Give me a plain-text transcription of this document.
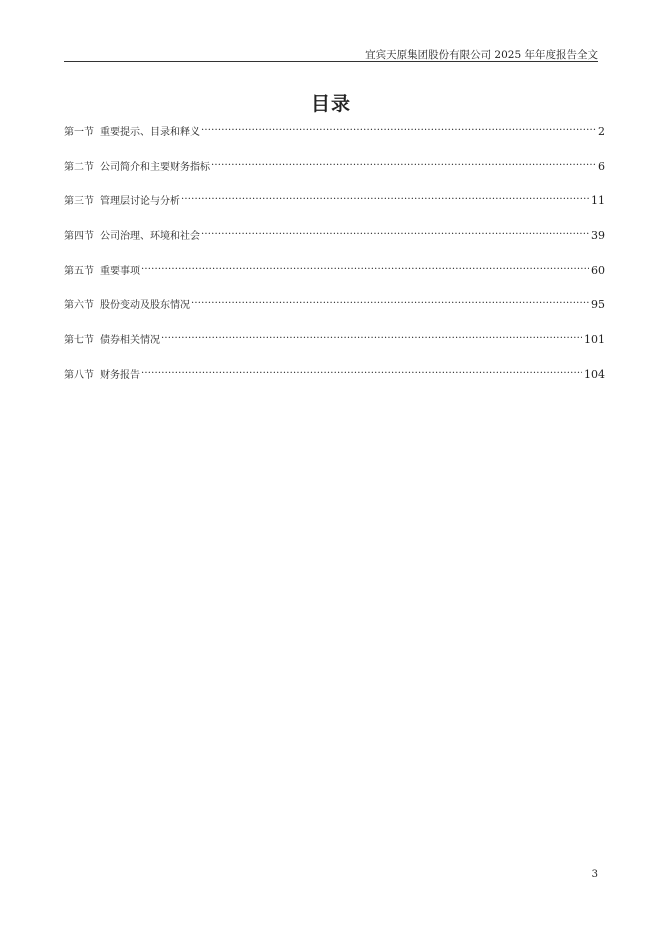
宜宾天原集团股份有限公司 2025 年年度报告全文
目录
第一节 重要提示、目录和释义 .....	2
第二节 公司简介和主要财务指标 .....	6
第三节 管理层讨论与分析 .....	11
第四节 公司治理、环境和社会 .....	39
第五节 重要事项 .....	60
第六节 股份变动及股东情况 .....	95
第七节 债券相关情况 .....	101
第八节 财务报告 .....	104
3
